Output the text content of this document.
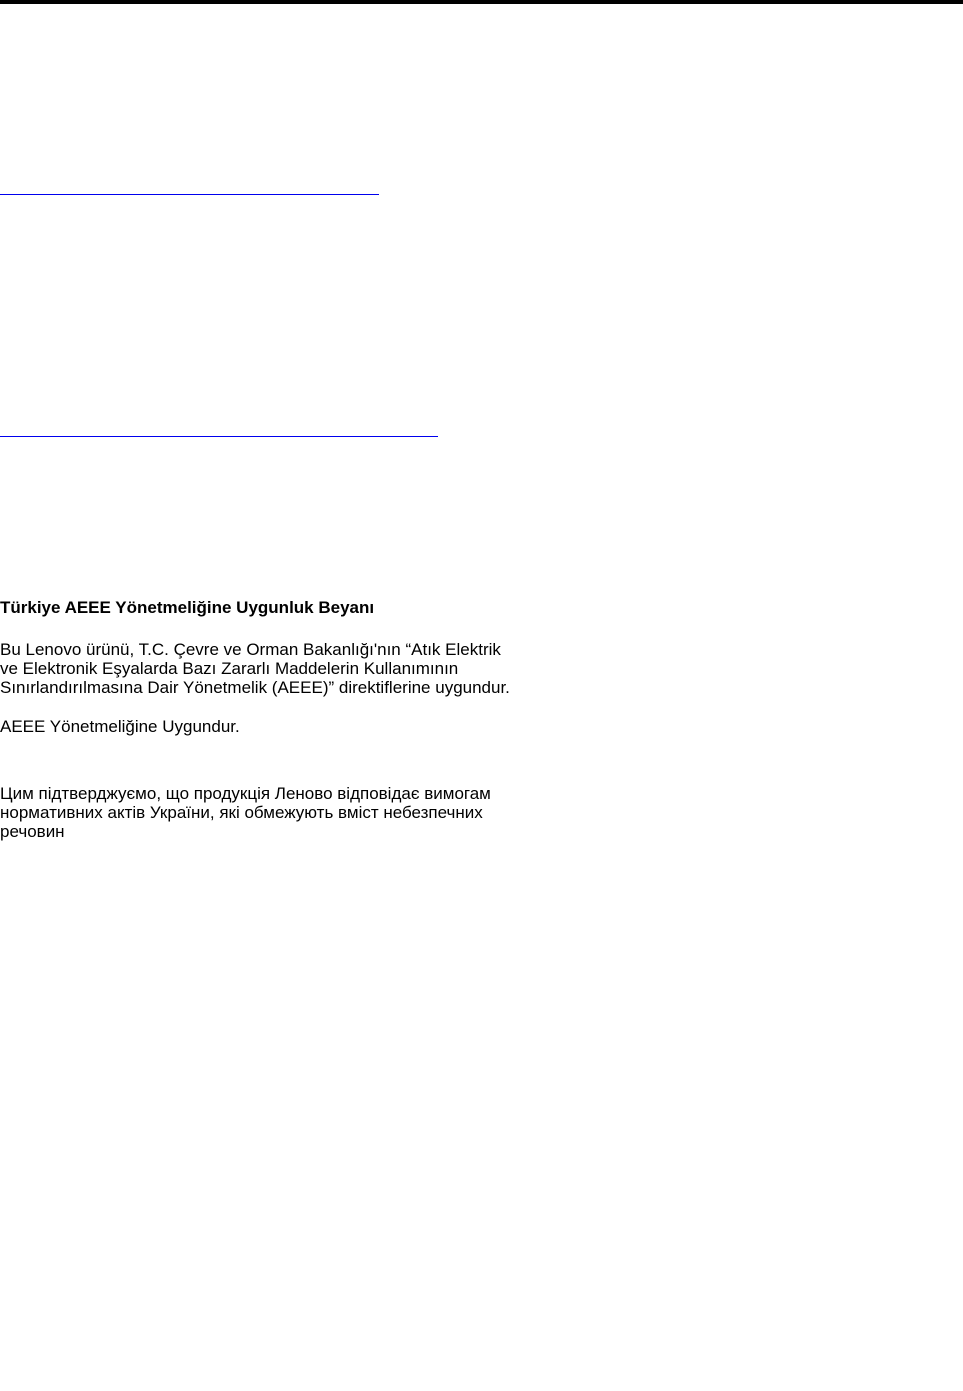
Türkiye AEEE Yönetmeliğine Uygunluk Beyanı

Bu Lenovo ürünü, T.C. Çevre ve Orman Bakanlığı'nın “Atık Elektrik
ve Elektronik Eşyalarda Bazı Zararlı Maddelerin Kullanımının
Sınırlandırılmasına Dair Yönetmelik (AEEE)” direktiflerine uygundur.

AEEE Yönetmeliğine Uygundur.

Цим підтверджуємо, що продукція Леново відповідає вимогам
нормативних актів України, які обмежують вміст небезпечних
речовин
